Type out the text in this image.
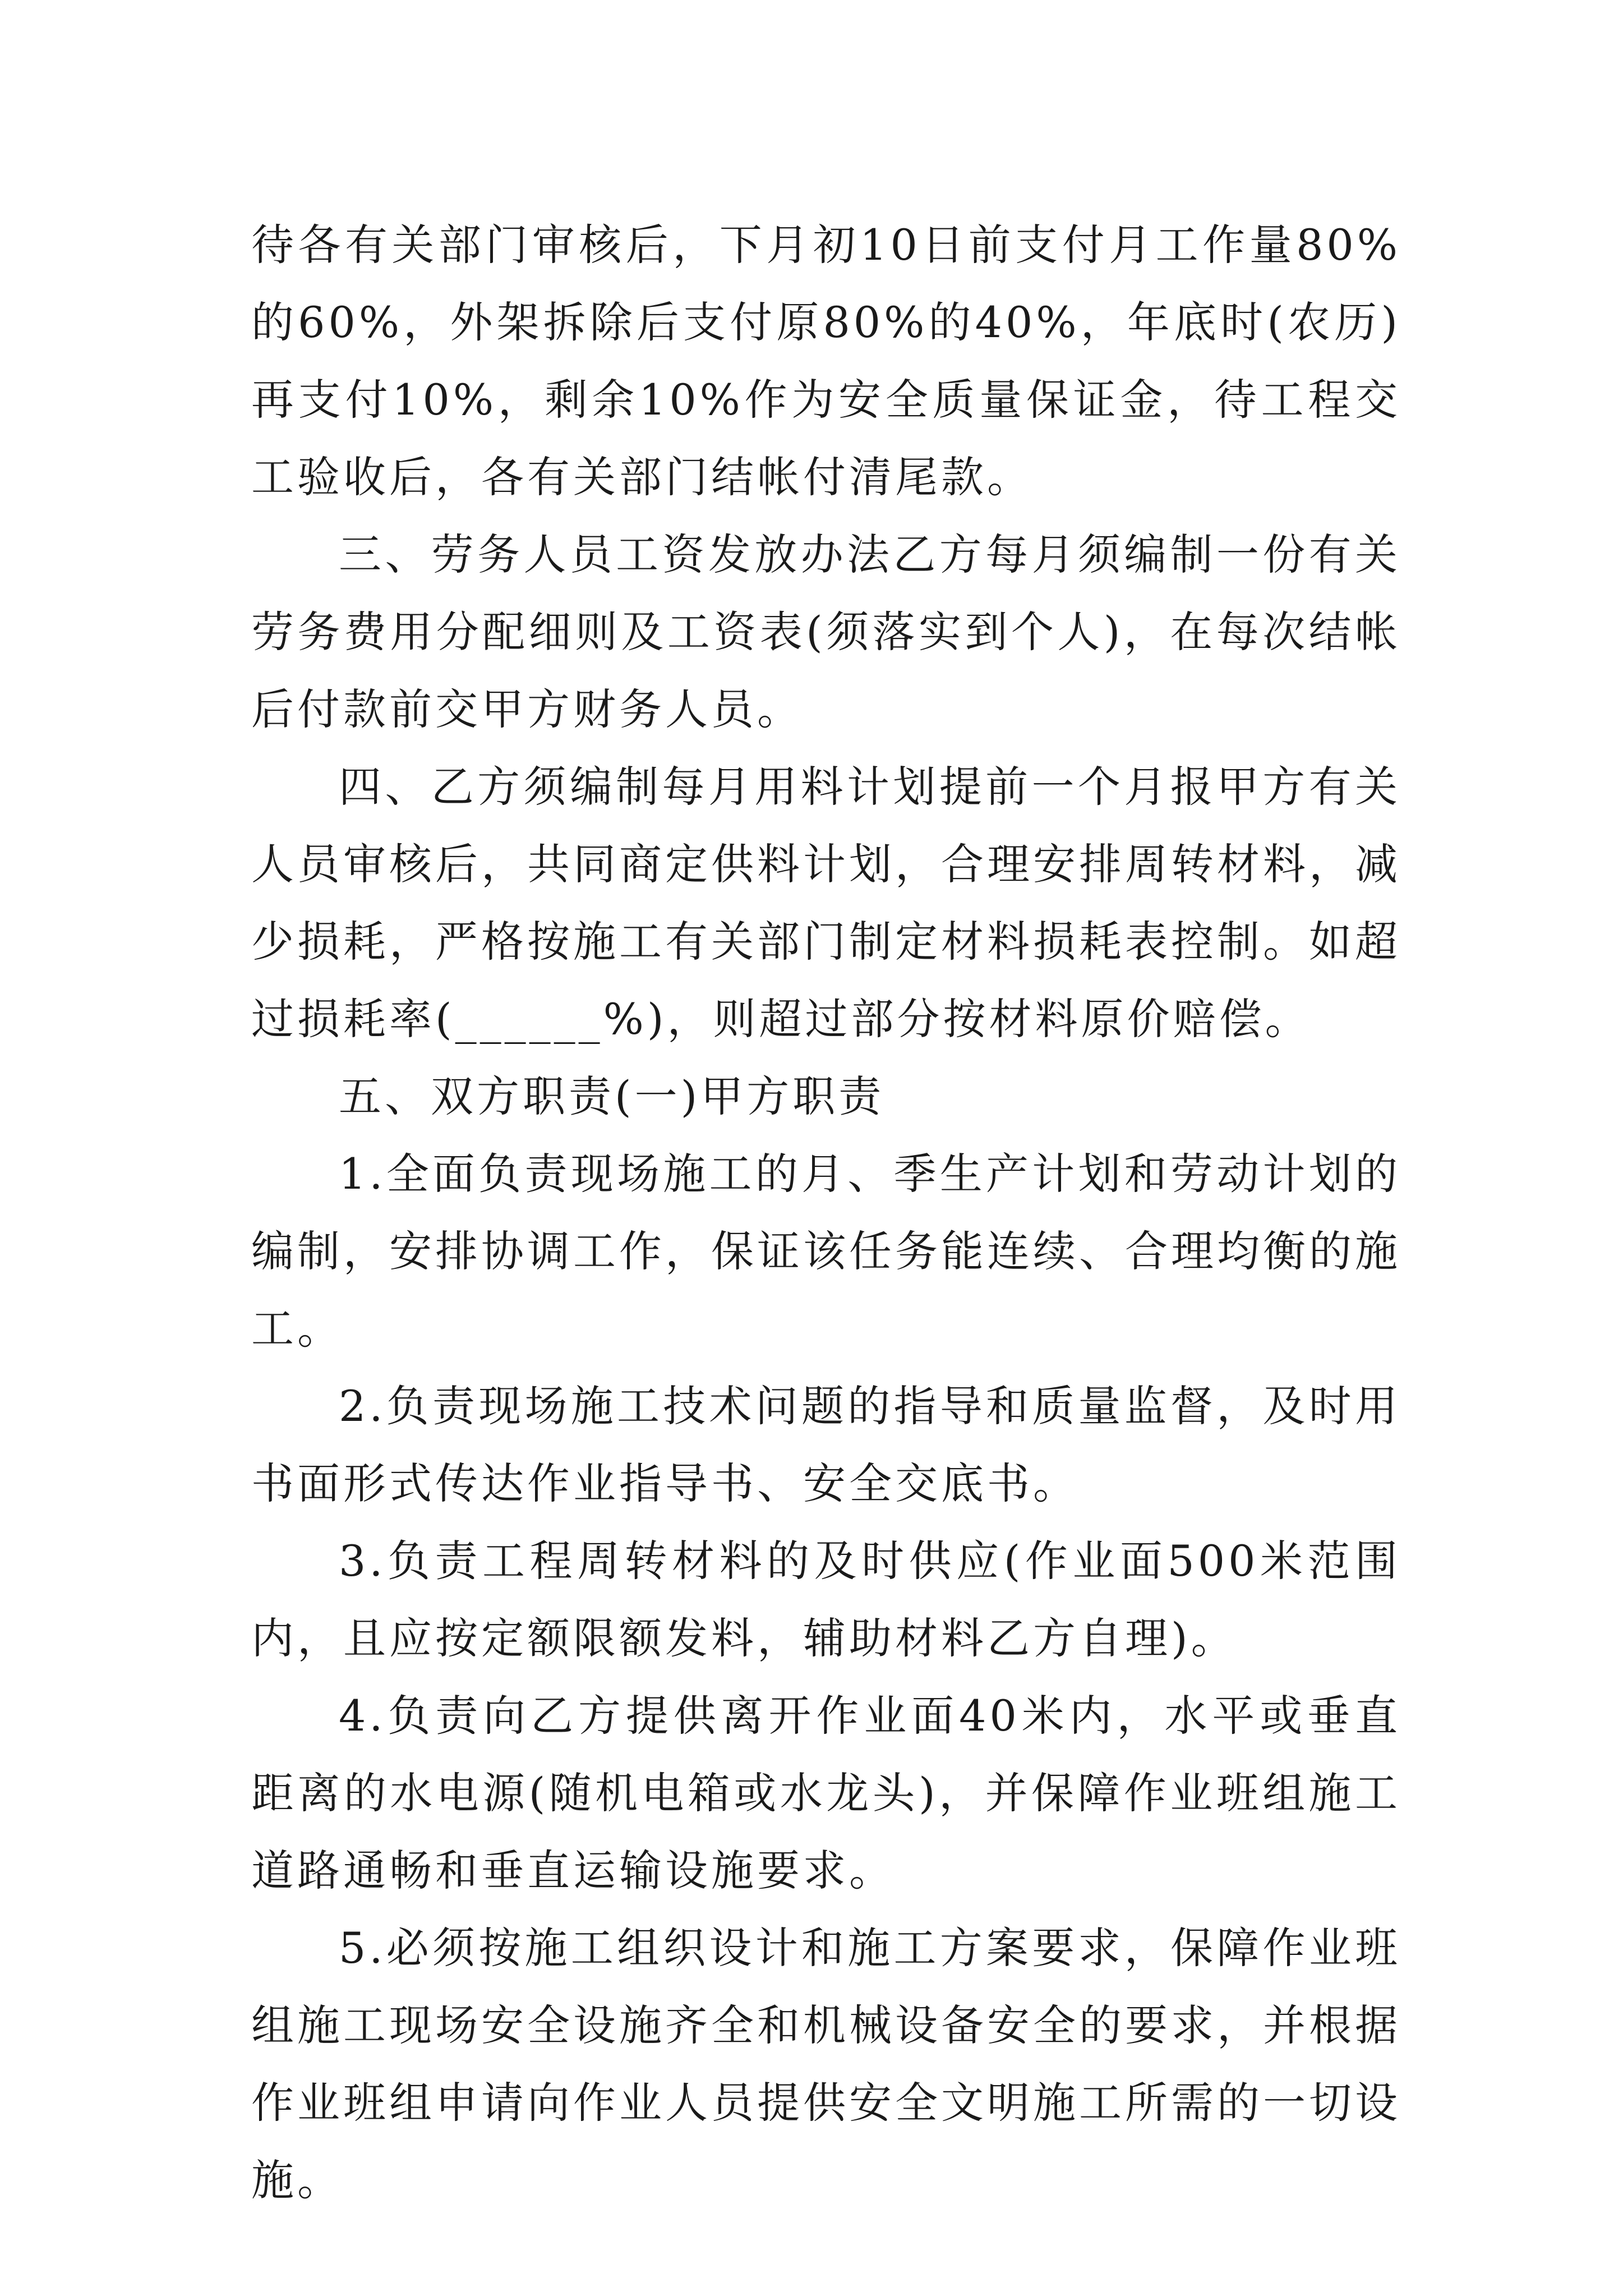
待各有关部门审核后，下月初10日前支付月工作量80%的60%，外架拆除后支付原80%的40%，年底时(农历)再支付10%，剩余10%作为安全质量保证金，待工程交工验收后，各有关部门结帐付清尾款。

三、劳务人员工资发放办法乙方每月须编制一份有关劳务费用分配细则及工资表(须落实到个人)，在每次结帐后付款前交甲方财务人员。

四、乙方须编制每月用料计划提前一个月报甲方有关人员审核后，共同商定供料计划，合理安排周转材料，减少损耗，严格按施工有关部门制定材料损耗表控制。如超过损耗率(______%)，则超过部分按材料原价赔偿。

五、双方职责(一)甲方职责

1.全面负责现场施工的月、季生产计划和劳动计划的编制，安排协调工作，保证该任务能连续、合理均衡的施工。

2.负责现场施工技术问题的指导和质量监督，及时用书面形式传达作业指导书、安全交底书。

3.负责工程周转材料的及时供应(作业面500米范围内，且应按定额限额发料，辅助材料乙方自理)。

4.负责向乙方提供离开作业面40米内，水平或垂直距离的水电源(随机电箱或水龙头)，并保障作业班组施工道路通畅和垂直运输设施要求。

5.必须按施工组织设计和施工方案要求，保障作业班组施工现场安全设施齐全和机械设备安全的要求，并根据作业班组申请向作业人员提供安全文明施工所需的一切设施。
